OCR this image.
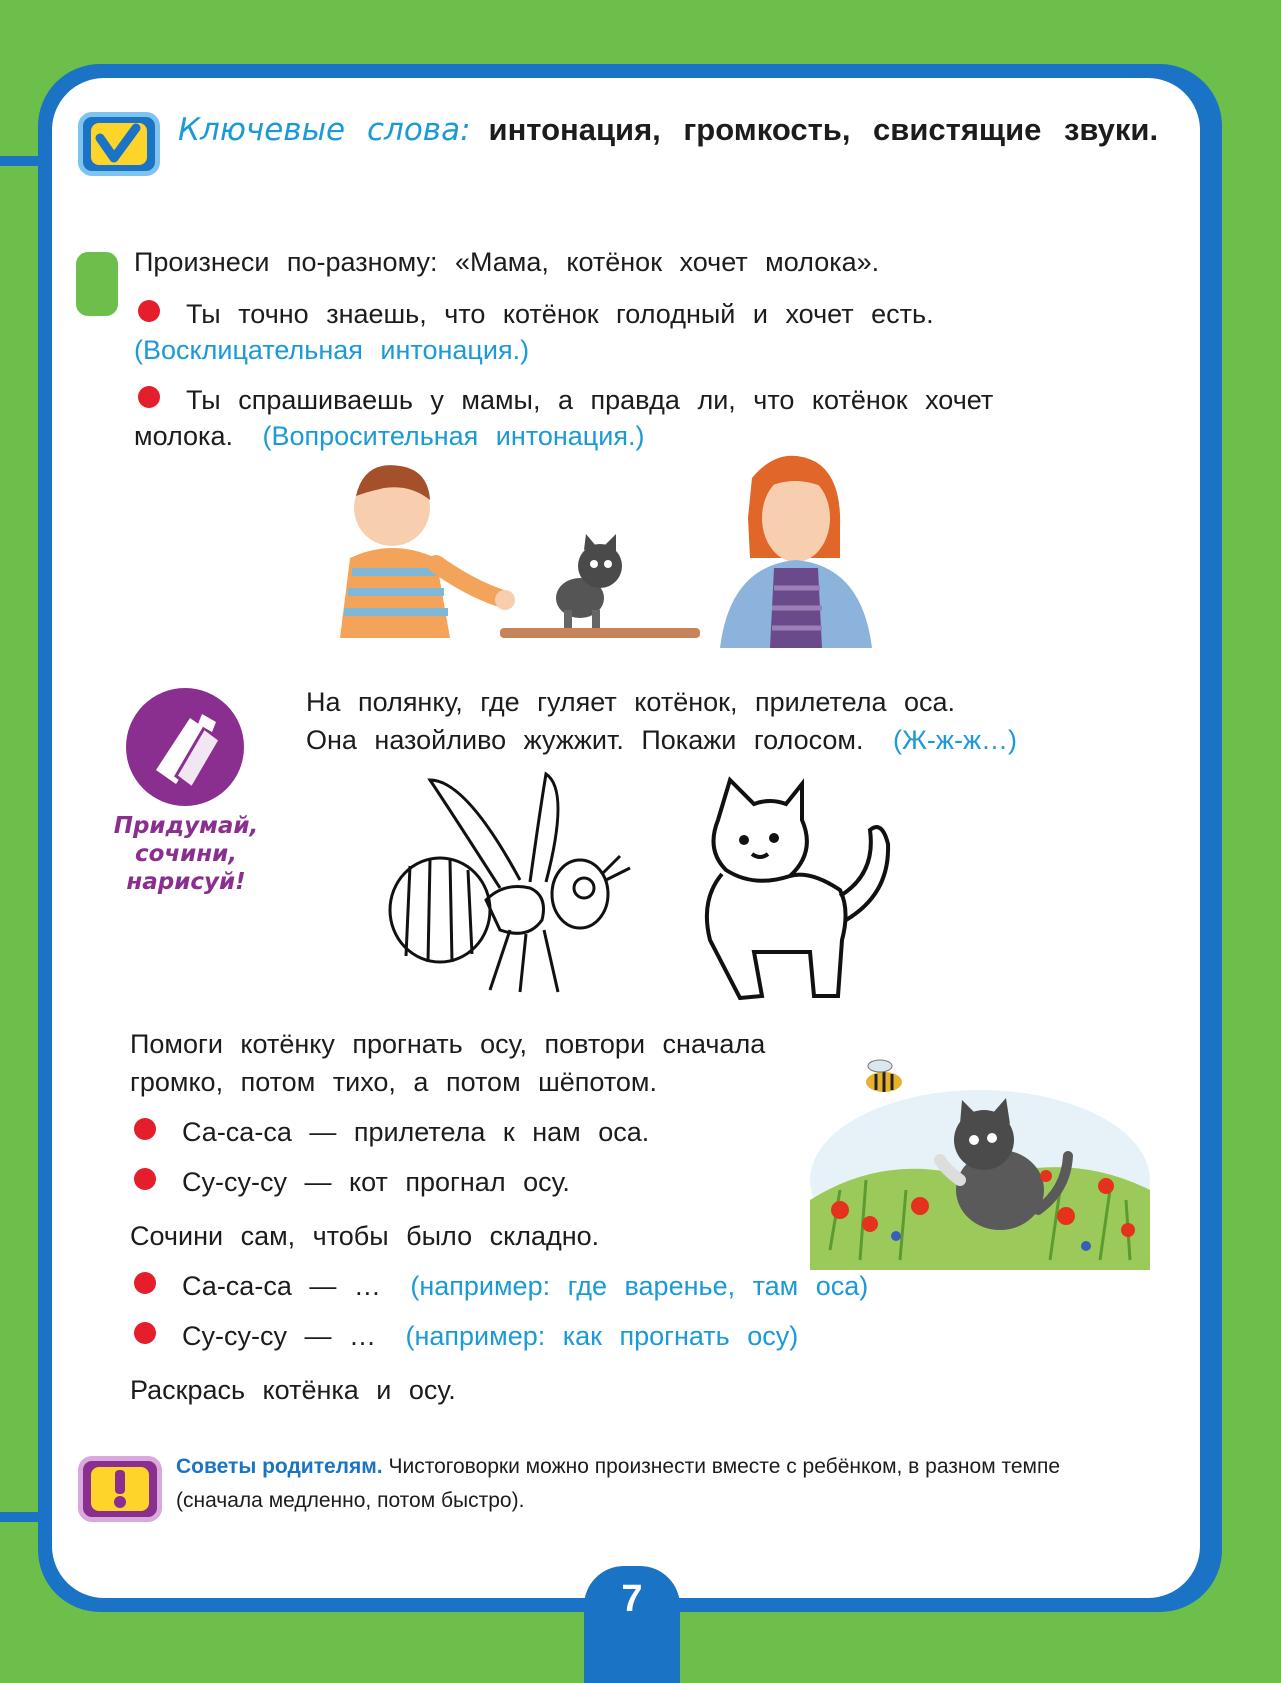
Ключевые слова: интонация, громкость, свистящие звуки.
Произнеси по-разному: «Мама, котёнок хочет молока».
Ты точно знаешь, что котёнок голодный и хочет есть.
(Восклицательная интонация.)
Ты спрашиваешь у мамы, а правда ли, что котёнок хочет
молока. (Вопросительная интонация.)
Придумай,
сочини,
нарисуй!
На полянку, где гуляет котёнок, прилетела оса.
Она назойливо жужжит. Покажи голосом. (Ж-ж-ж…)
Помоги котёнку прогнать осу, повтори сначала
громко, потом тихо, а потом шёпотом.
Са-са-са — прилетела к нам оса.
Су-су-су — кот прогнал осу.
Сочини сам, чтобы было складно.
Са-са-са — … (например: где варенье, там оса)
Су-су-су — … (например: как прогнать осу)
Раскрась котёнка и осу.
Советы родителям. Чистоговорки можно произнести вместе с ребёнком, в разном темпе (сначала медленно, потом быстро).
7
